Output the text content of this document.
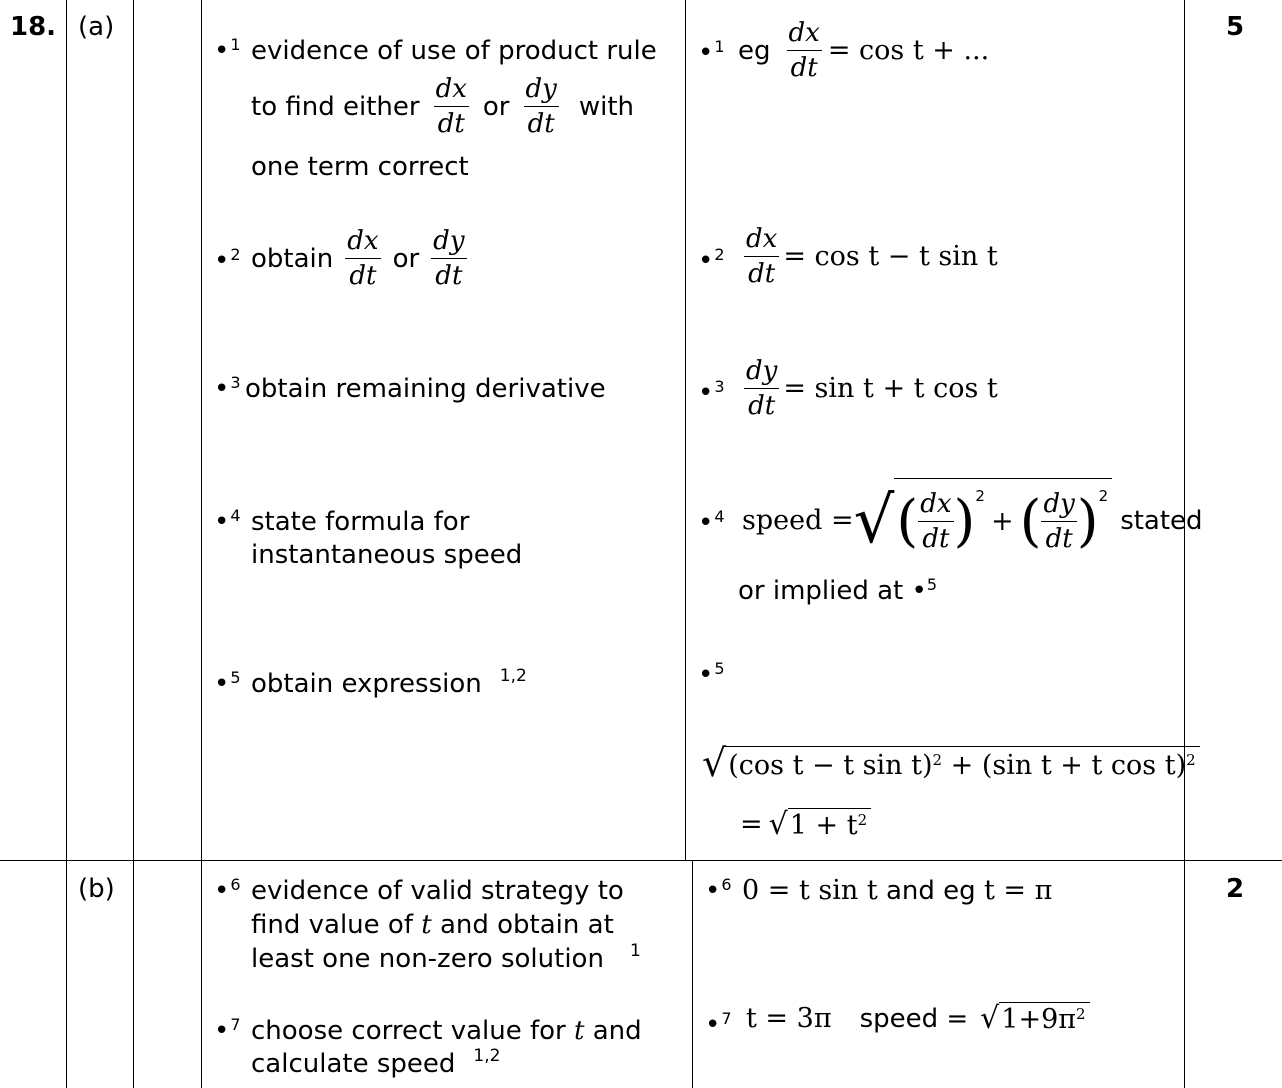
18. (a)
(b)
5
2
•$^1$ evidence of use of product rule
to find either $\frac{dx}{dt}$ or $\frac{dy}{dt}$ with
one term correct
•$^2$ obtain $\frac{dx}{dt}$ or $\frac{dy}{dt}$
•$^3$ obtain remaining derivative
•$^4$ state formula for
instantaneous speed
•$^5$ obtain expression $^{1,2}$
•$^1$ eg $\frac{dx}{dt} = \cos t$ + ...
•$^2$ $\frac{dx}{dt} = \cos t - t$ sin t
•$^3$ $\frac{dy}{dt} = \sin t + t$ cos t
•$^4$ speed = √ ( $\frac{dx}{dt}$ ) 2
+ ( $\frac{dy}{dt}$ ) 2
stated
or implied at •$^5$
•$^5$
√ (cos t − t sin t)$^2$ + (sin t + t cos t)$^2$
= √ $1 + t^2$
•$^6$ evidence of valid strategy to
find value of t and obtain at
least one non-zero solution $^1$
•$^7$ choose correct value for t and
calculate speed $^{1,2}$
•$^6$ 0 = t sin t and eg t = π
•$^7$ t = 3π speed = √ $1+9\pi^2$
